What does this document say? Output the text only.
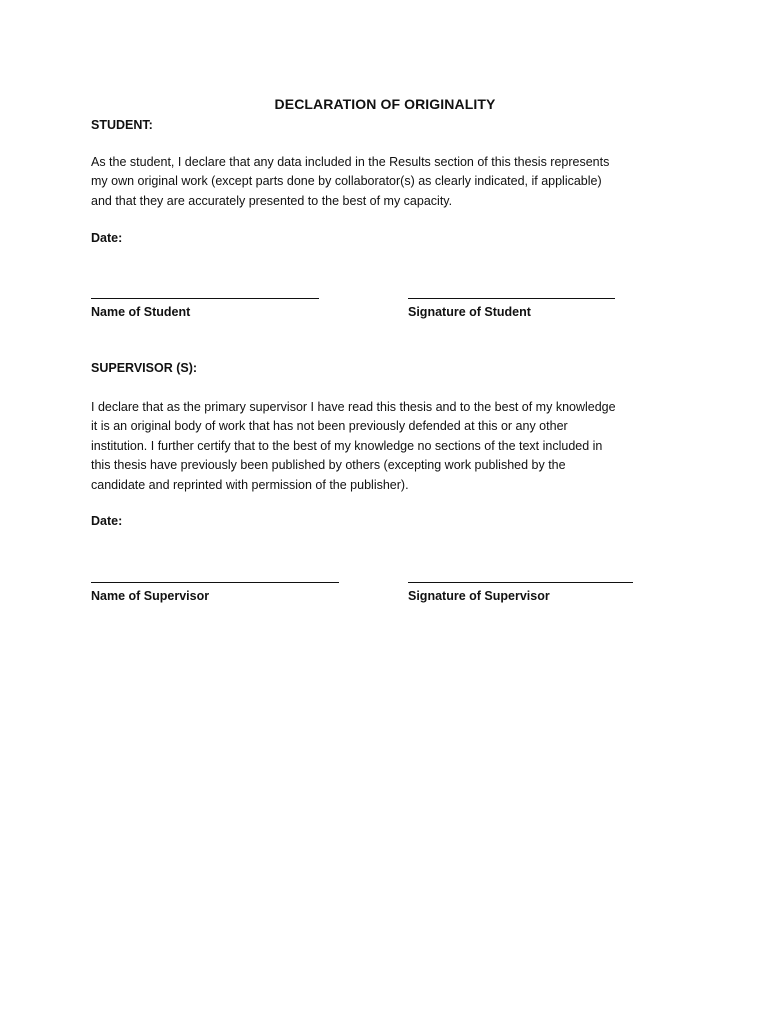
DECLARATION OF ORIGINALITY
STUDENT:

As the student, I declare that any data included in the Results section of this thesis represents
my own original work (except parts done by collaborator(s) as clearly indicated, if applicable)
and that they are accurately presented to the best of my capacity.

Date:
Name of Student	Signature of Student
SUPERVISOR (S):

I declare that as the primary supervisor I have read this thesis and to the best of my knowledge
it is an original body of work that has not been previously defended at this or any other
institution. I further certify that to the best of my knowledge no sections of the text included in
this thesis have previously been published by others (excepting work published by the
candidate and reprinted with permission of the publisher).

Date:
Name of Supervisor	Signature of Supervisor
